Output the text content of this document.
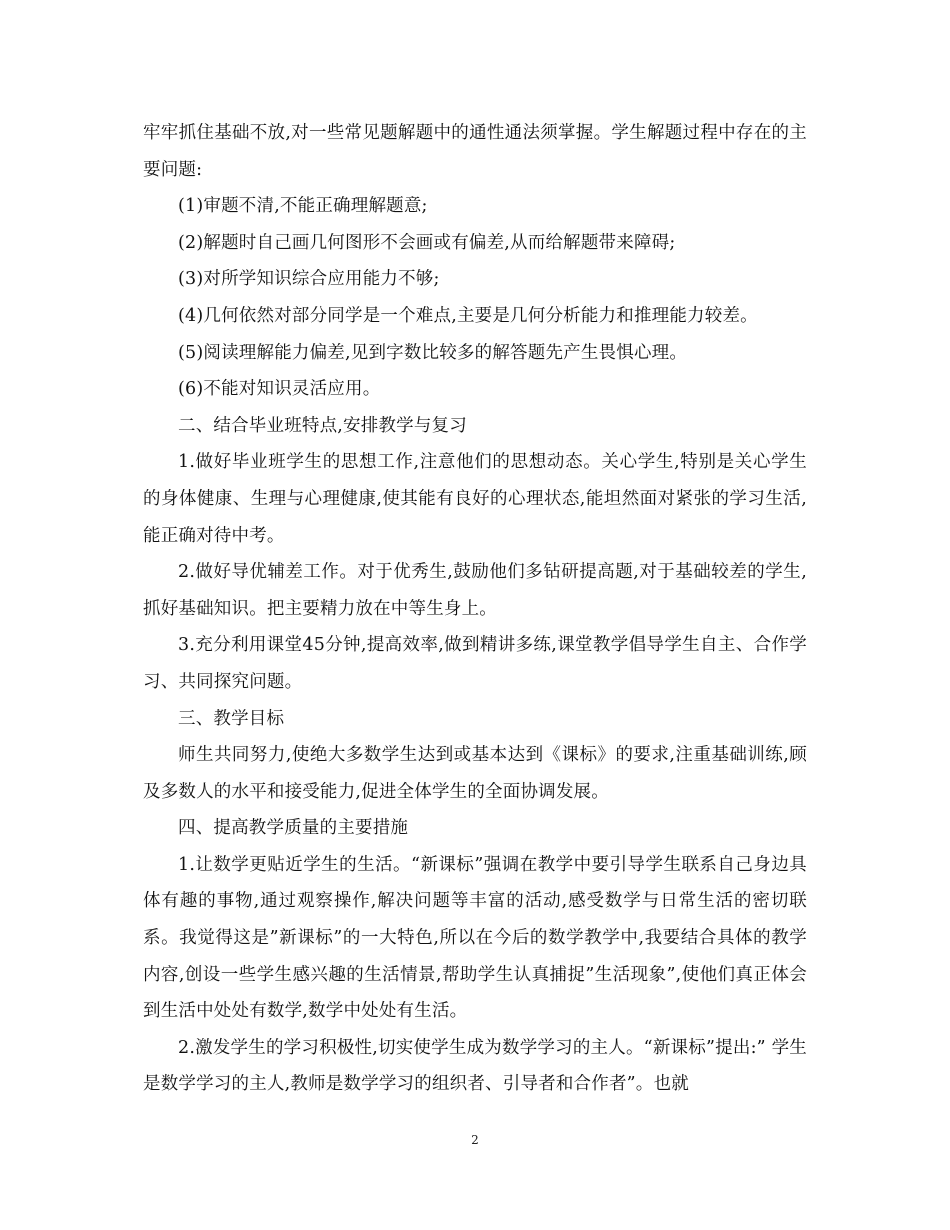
牢牢抓住基础不放,对一些常见题解题中的通性通法须掌握。学生解题过程中存在的主要问题:

(1)审题不清,不能正确理解题意;

(2)解题时自己画几何图形不会画或有偏差,从而给解题带来障碍;

(3)对所学知识综合应用能力不够;

(4)几何依然对部分同学是一个难点,主要是几何分析能力和推理能力较差。

(5)阅读理解能力偏差,见到字数比较多的解答题先产生畏惧心理。

(6)不能对知识灵活应用。

二、结合毕业班特点,安排教学与复习

1.做好毕业班学生的思想工作,注意他们的思想动态。关心学生,特别是关心学生的身体健康、生理与心理健康,使其能有良好的心理状态,能坦然面对紧张的学习生活,能正确对待中考。

2.做好导优辅差工作。对于优秀生,鼓励他们多钻研提高题,对于基础较差的学生,抓好基础知识。把主要精力放在中等生身上。

3.充分利用课堂45分钟,提高效率,做到精讲多练,课堂教学倡导学生自主、合作学习、共同探究问题。

三、教学目标

师生共同努力,使绝大多数学生达到或基本达到《课标》的要求,注重基础训练,顾及多数人的水平和接受能力,促进全体学生的全面协调发展。

四、提高教学质量的主要措施

1.让数学更贴近学生的生活。“新课标”强调在教学中要引导学生联系自己身边具体有趣的事物,通过观察操作,解决问题等丰富的活动,感受数学与日常生活的密切联系。我觉得这是”新课标”的一大特色,所以在今后的数学教学中,我要结合具体的教学内容,创设一些学生感兴趣的生活情景,帮助学生认真捕捉”生活现象”,使他们真正体会到生活中处处有数学,数学中处处有生活。

2.激发学生的学习积极性,切实使学生成为数学学习的主人。“新课标”提出:” 学生是数学学习的主人,教师是数学学习的组织者、引导者和合作者”。也就

2
